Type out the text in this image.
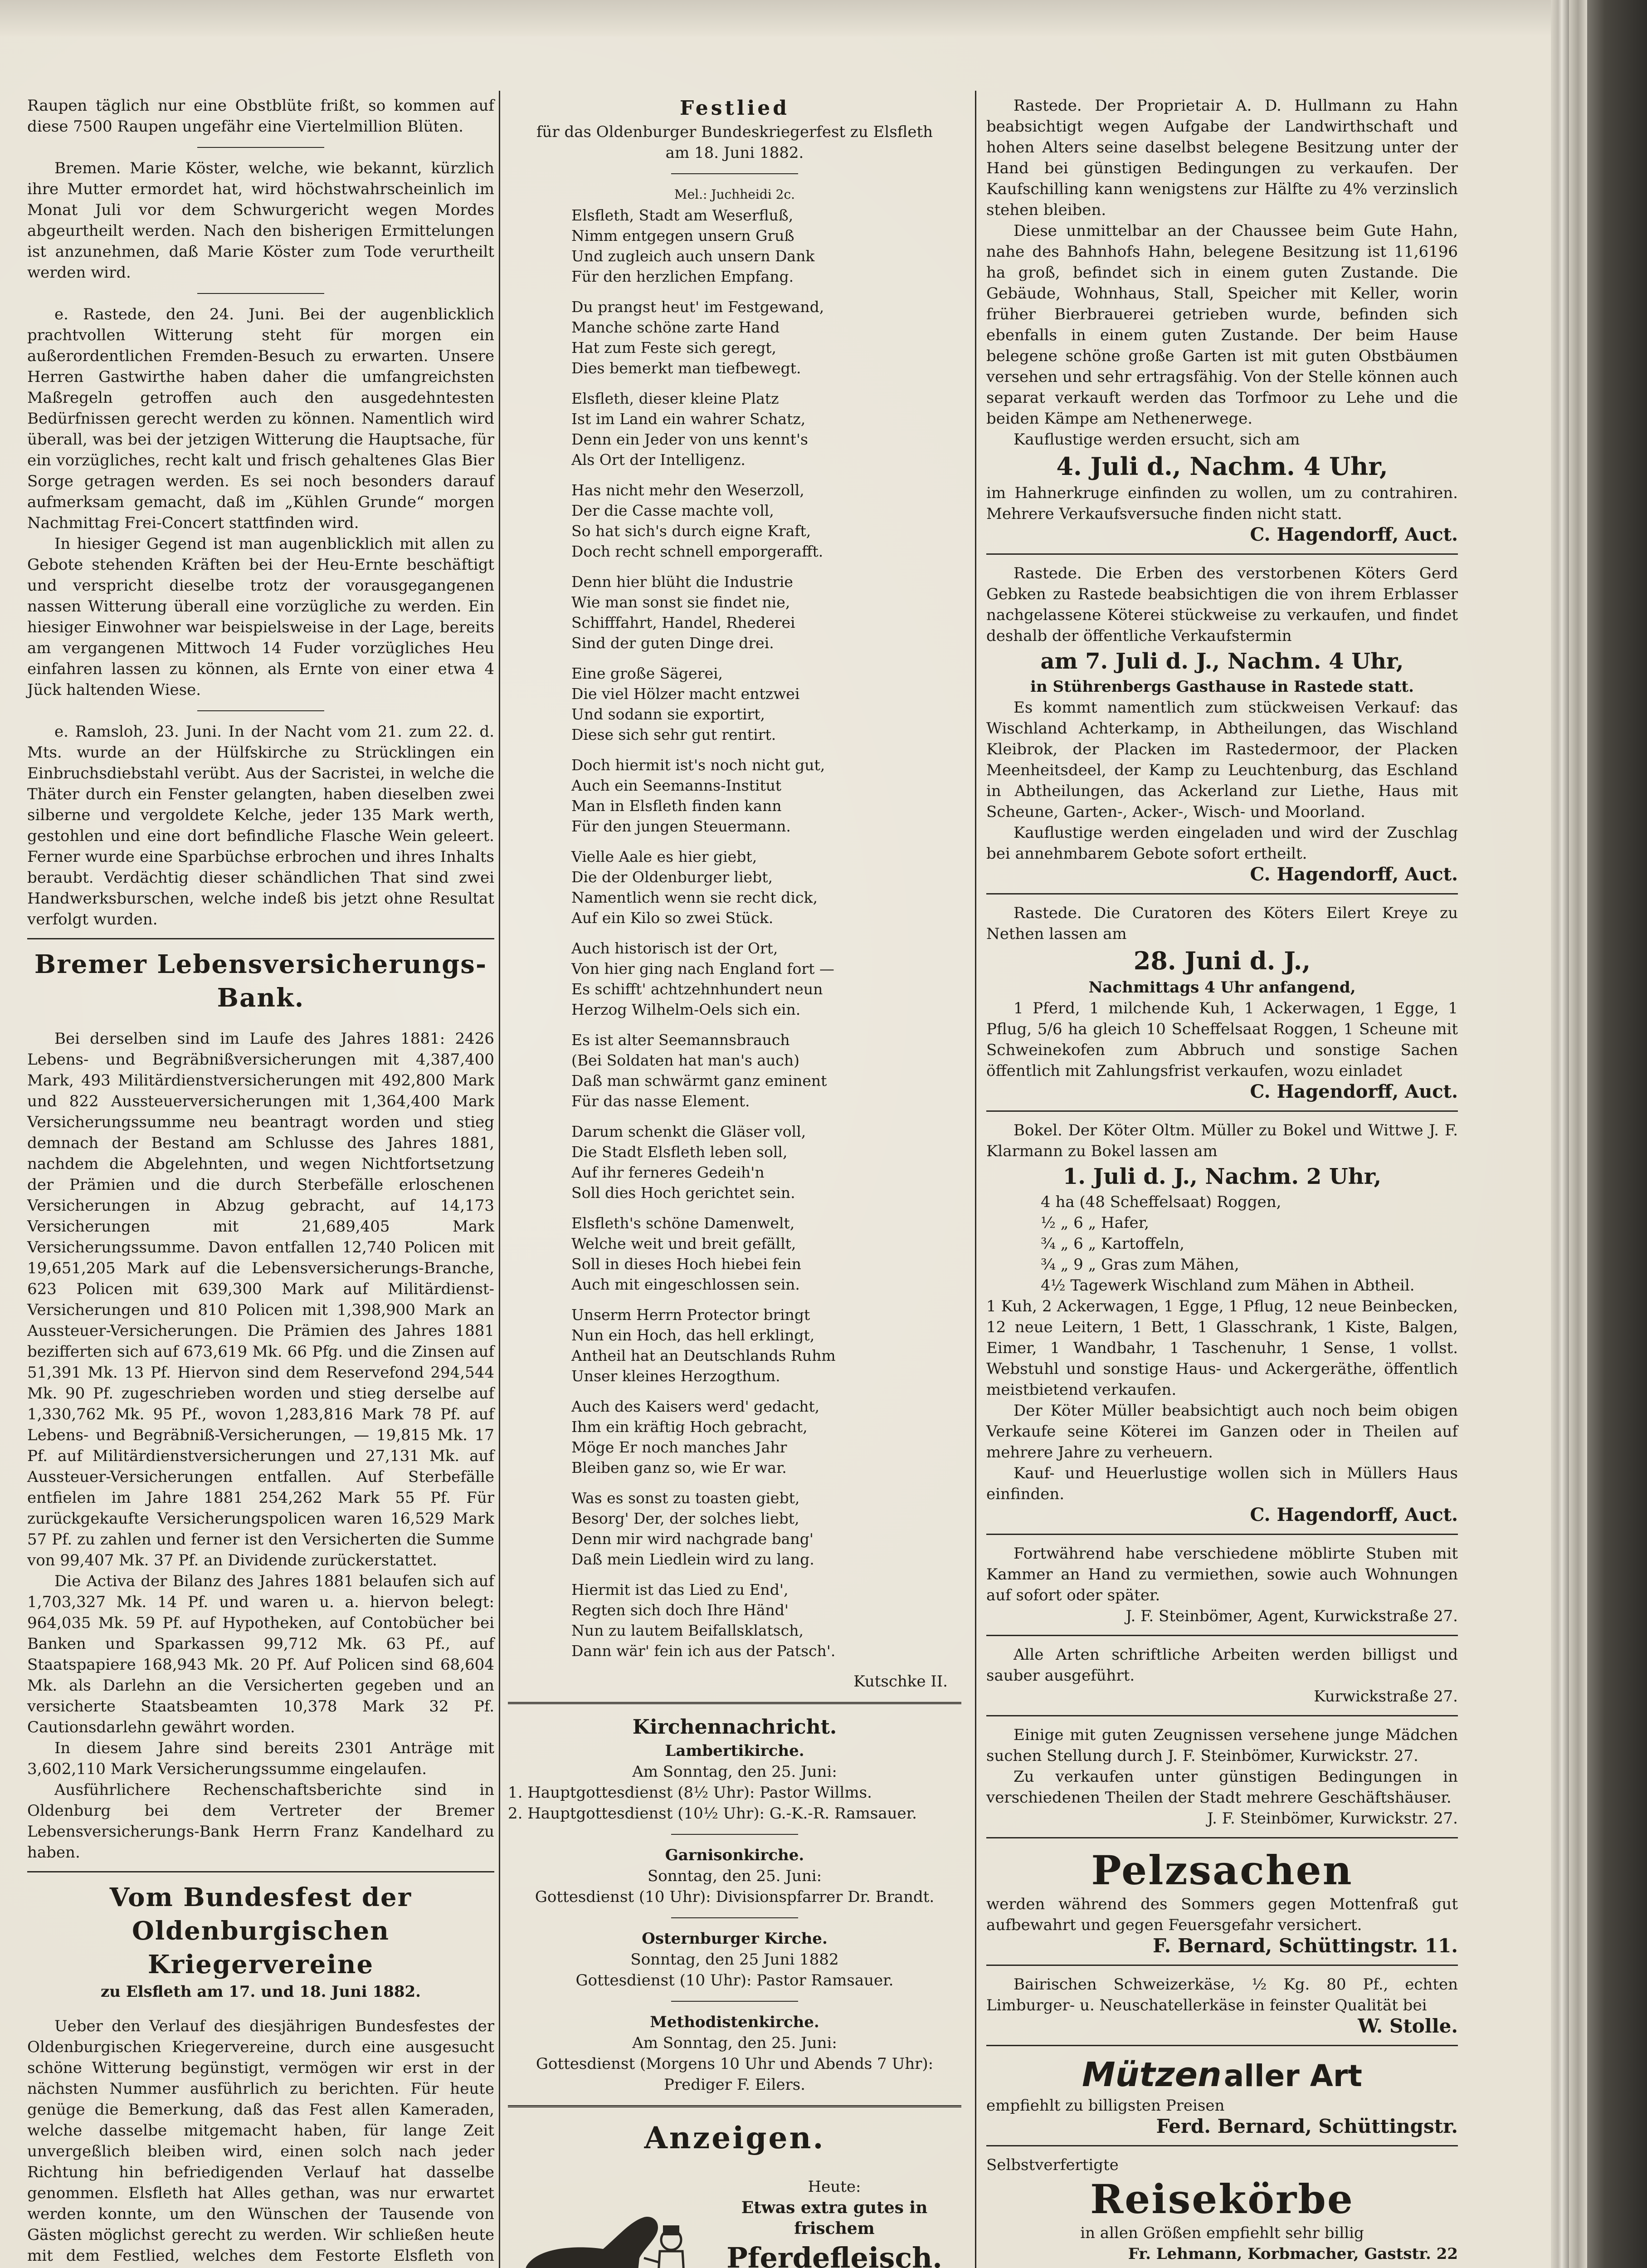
Raupen täglich nur eine Obstblüte frißt, so kommen auf diese 7500 Raupen ungefähr eine Viertelmillion Blüten.

Bremen. Marie Köster, welche, wie bekannt, kürzlich ihre Mutter ermordet hat, wird höchstwahrscheinlich im Monat Juli vor dem Schwurgericht wegen Mordes abgeurtheilt werden. Nach den bisherigen Ermittelungen ist anzunehmen, daß Marie Köster zum Tode verurtheilt werden wird.

e. Rastede, den 24. Juni. Bei der augenblicklich prachtvollen Witterung steht für morgen ein außerordentlichen Fremden-Besuch zu erwarten. Unsere Herren Gastwirthe haben daher die umfangreichsten Maßregeln getroffen auch den ausgedehntesten Bedürfnissen gerecht werden zu können. Namentlich wird überall, was bei der jetzigen Witterung die Hauptsache, für ein vorzügliches, recht kalt und frisch gehaltenes Glas Bier Sorge getragen werden. Es sei noch besonders darauf aufmerksam gemacht, daß im „Kühlen Grunde“ morgen Nachmittag Frei-Concert stattfinden wird.

In hiesiger Gegend ist man augenblicklich mit allen zu Gebote stehenden Kräften bei der Heu-Ernte beschäftigt und verspricht dieselbe trotz der vorausgegangenen nassen Witterung überall eine vorzügliche zu werden. Ein hiesiger Einwohner war beispielsweise in der Lage, bereits am vergangenen Mittwoch 14 Fuder vorzügliches Heu einfahren lassen zu können, als Ernte von einer etwa 4 Jück haltenden Wiese.

e. Ramsloh, 23. Juni. In der Nacht vom 21. zum 22. d. Mts. wurde an der Hülfskirche zu Strücklingen ein Einbruchsdiebstahl verübt. Aus der Sacristei, in welche die Thäter durch ein Fenster gelangten, haben dieselben zwei silberne und vergoldete Kelche, jeder 135 Mark werth, gestohlen und eine dort befindliche Flasche Wein geleert. Ferner wurde eine Sparbüchse erbrochen und ihres Inhalts beraubt. Verdächtig dieser schändlichen That sind zwei Handwerksburschen, welche indeß bis jetzt ohne Resultat verfolgt wurden.

Bremer Lebensversicherungs-Bank.

Bei derselben sind im Laufe des Jahres 1881: 2426 Lebens- und Begräbnißversicherungen mit 4,387,400 Mark, 493 Militärdienstversicherungen mit 492,800 Mark und 822 Aussteuerversicherungen mit 1,364,400 Mark Versicherungssumme neu beantragt worden und stieg demnach der Bestand am Schlusse des Jahres 1881, nachdem die Abgelehnten, und wegen Nichtfortsetzung der Prämien und die durch Sterbefälle erloschenen Versicherungen in Abzug gebracht, auf 14,173 Versicherungen mit 21,689,405 Mark Versicherungssumme. Davon entfallen 12,740 Policen mit 19,651,205 Mark auf die Lebensversicherungs-Branche, 623 Policen mit 639,300 Mark auf Militärdienst-Versicherungen und 810 Policen mit 1,398,900 Mark an Aussteuer-Versicherungen. Die Prämien des Jahres 1881 bezifferten sich auf 673,619 Mk. 66 Pfg. und die Zinsen auf 51,391 Mk. 13 Pf. Hiervon sind dem Reservefond 294,544 Mk. 90 Pf. zugeschrieben worden und stieg derselbe auf 1,330,762 Mk. 95 Pf., wovon 1,283,816 Mark 78 Pf. auf Lebens- und Begräbniß-Versicherungen, — 19,815 Mk. 17 Pf. auf Militärdienstversicherungen und 27,131 Mk. auf Aussteuer-Versicherungen entfallen. Auf Sterbefälle entfielen im Jahre 1881 254,262 Mark 55 Pf. Für zurückgekaufte Versicherungspolicen waren 16,529 Mark 57 Pf. zu zahlen und ferner ist den Versicherten die Summe von 99,407 Mk. 37 Pf. an Dividende zurückerstattet.

Die Activa der Bilanz des Jahres 1881 belaufen sich auf 1,703,327 Mk. 14 Pf. und waren u. a. hiervon belegt: 964,035 Mk. 59 Pf. auf Hypotheken, auf Contobücher bei Banken und Sparkassen 99,712 Mk. 63 Pf., auf Staatspapiere 168,943 Mk. 20 Pf. Auf Policen sind 68,604 Mk. als Darlehn an die Versicherten gegeben und an versicherte Staatsbeamten 10,378 Mark 32 Pf. Cautionsdarlehn gewährt worden.

In diesem Jahre sind bereits 2301 Anträge mit 3,602,110 Mark Versicherungssumme eingelaufen.

Ausführlichere Rechenschaftsberichte sind in Oldenburg bei dem Vertreter der Bremer Lebensversicherungs-Bank Herrn Franz Kandelhard zu haben.

Vom Bundesfest der Oldenburgischen Kriegervereine

zu Elsfleth am 17. und 18. Juni 1882.

Ueber den Verlauf des diesjährigen Bundesfestes der Oldenburgischen Kriegervereine, durch eine ausgesucht schöne Witterung begünstigt, vermögen wir erst in der nächsten Nummer ausführlich zu berichten. Für heute genüge die Bemerkung, daß das Fest allen Kameraden, welche dasselbe mitgemacht haben, für lange Zeit unvergeßlich bleiben wird, einen solch nach jeder Richtung hin befriedigenden Verlauf hat dasselbe genommen. Elsfleth hat Alles gethan, was nur erwartet werden konnte, um den Wünschen der Tausende von Gästen möglichst gerecht zu werden. Wir schließen heute mit dem Festlied, welches dem Festorte Elsfleth von

Festlied

für das Oldenburger Bundeskriegerfest zu Elsfleth

am 18. Juni 1882.

Mel.: Juchheidi 2c.

Elsfleth, Stadt am Weserfluß,

Nimm entgegen unsern Gruß

Und zugleich auch unsern Dank

Für den herzlichen Empfang.

Du prangst heut' im Festgewand,

Manche schöne zarte Hand

Hat zum Feste sich geregt,

Dies bemerkt man tiefbewegt.

Elsfleth, dieser kleine Platz

Ist im Land ein wahrer Schatz,

Denn ein Jeder von uns kennt's

Als Ort der Intelligenz.

Has nicht mehr den Weserzoll,

Der die Casse machte voll,

So hat sich's durch eigne Kraft,

Doch recht schnell emporgerafft.

Denn hier blüht die Industrie

Wie man sonst sie findet nie,

Schifffahrt, Handel, Rhederei

Sind der guten Dinge drei.

Eine große Sägerei,

Die viel Hölzer macht entzwei

Und sodann sie exportirt,

Diese sich sehr gut rentirt.

Doch hiermit ist's noch nicht gut,

Auch ein Seemanns-Institut

Man in Elsfleth finden kann

Für den jungen Steuermann.

Vielle Aale es hier giebt,

Die der Oldenburger liebt,

Namentlich wenn sie recht dick,

Auf ein Kilo so zwei Stück.

Auch historisch ist der Ort,

Von hier ging nach England fort —

Es schifft' achtzehnhundert neun

Herzog Wilhelm-Oels sich ein.

Es ist alter Seemannsbrauch

(Bei Soldaten hat man's auch)

Daß man schwärmt ganz eminent

Für das nasse Element.

Darum schenkt die Gläser voll,

Die Stadt Elsfleth leben soll,

Auf ihr ferneres Gedeih'n

Soll dies Hoch gerichtet sein.

Elsfleth's schöne Damenwelt,

Welche weit und breit gefällt,

Soll in dieses Hoch hiebei fein

Auch mit eingeschlossen sein.

Unserm Herrn Protector bringt

Nun ein Hoch, das hell erklingt,

Antheil hat an Deutschlands Ruhm

Unser kleines Herzogthum.

Auch des Kaisers werd' gedacht,

Ihm ein kräftig Hoch gebracht,

Möge Er noch manches Jahr

Bleiben ganz so, wie Er war.

Was es sonst zu toasten giebt,

Besorg' Der, der solches liebt,

Denn mir wird nachgrade bang'

Daß mein Liedlein wird zu lang.

Hiermit ist das Lied zu End',

Regten sich doch Ihre Händ'

Nun zu lautem Beifallsklatsch,

Dann wär' fein ich aus der Patsch'.

Kutschke II.

Kirchennachricht.

Lambertikirche.

Am Sonntag, den 25. Juni:

1. Hauptgottesdienst (8½ Uhr): Pastor Willms.

2. Hauptgottesdienst (10½ Uhr): G.-K.-R. Ramsauer.

Garnisonkirche.

Sonntag, den 25. Juni:

Gottesdienst (10 Uhr): Divisionspfarrer Dr. Brandt.

Osternburger Kirche.

Sonntag, den 25 Juni 1882

Gottesdienst (10 Uhr): Pastor Ramsauer.

Methodistenkirche.

Am Sonntag, den 25. Juni:

Gottesdienst (Morgens 10 Uhr und Abends 7 Uhr):

Prediger F. Eilers.

Anzeigen.

Heute:

Etwas extra gutes in frischem

Pferdefleisch.

Rastede. Der Proprietair A. D. Hullmann zu Hahn beabsichtigt wegen Aufgabe der Landwirthschaft und hohen Alters seine daselbst belegene Besitzung unter der Hand bei günstigen Bedingungen zu verkaufen. Der Kaufschilling kann wenigstens zur Hälfte zu 4% verzinslich stehen bleiben.

Diese unmittelbar an der Chaussee beim Gute Hahn, nahe des Bahnhofs Hahn, belegene Besitzung ist 11,6196 ha groß, befindet sich in einem guten Zustande. Die Gebäude, Wohnhaus, Stall, Speicher mit Keller, worin früher Bierbrauerei getrieben wurde, befinden sich ebenfalls in einem guten Zustande. Der beim Hause belegene schöne große Garten ist mit guten Obstbäumen versehen und sehr ertragsfähig. Von der Stelle können auch separat verkauft werden das Torfmoor zu Lehe und die beiden Kämpe am Nethenerwege.

Kauflustige werden ersucht, sich am

4. Juli d., Nachm. 4 Uhr,

im Hahnerkruge einfinden zu wollen, um zu contrahiren. Mehrere Verkaufsversuche finden nicht statt.

C. Hagendorff, Auct.

Rastede. Die Erben des verstorbenen Köters Gerd Gebken zu Rastede beabsichtigen die von ihrem Erblasser nachgelassene Köterei stückweise zu verkaufen, und findet deshalb der öffentliche Verkaufstermin

am 7. Juli d. J., Nachm. 4 Uhr,

in Stührenbergs Gasthause in Rastede statt.

Es kommt namentlich zum stückweisen Verkauf: das Wischland Achterkamp, in Abtheilungen, das Wischland Kleibrok, der Placken im Rastedermoor, der Placken Meenheitsdeel, der Kamp zu Leuchtenburg, das Eschland in Abtheilungen, das Ackerland zur Liethe, Haus mit Scheune, Garten-, Acker-, Wisch- und Moorland.

Kauflustige werden eingeladen und wird der Zuschlag bei annehmbarem Gebote sofort ertheilt.

C. Hagendorff, Auct.

Rastede. Die Curatoren des Köters Eilert Kreye zu Nethen lassen am

28. Juni d. J.,

Nachmittags 4 Uhr anfangend,

1 Pferd, 1 milchende Kuh, 1 Ackerwagen, 1 Egge, 1 Pflug, 5/6 ha gleich 10 Scheffelsaat Roggen, 1 Scheune mit Schweinekofen zum Abbruch und sonstige Sachen öffentlich mit Zahlungsfrist verkaufen, wozu einladet

C. Hagendorff, Auct.

Bokel. Der Köter Oltm. Müller zu Bokel und Wittwe J. F. Klarmann zu Bokel lassen am

1. Juli d. J., Nachm. 2 Uhr,

4 ha (48 Scheffelsaat) Roggen,

½ „ 6 „ Hafer,

¾ „ 6 „ Kartoffeln,

¾ „ 9 „ Gras zum Mähen,

4½ Tagewerk Wischland zum Mähen in Abtheil.

1 Kuh, 2 Ackerwagen, 1 Egge, 1 Pflug, 12 neue Beinbecken, 12 neue Leitern, 1 Bett, 1 Glasschrank, 1 Kiste, Balgen, Eimer, 1 Wandbahr, 1 Taschenuhr, 1 Sense, 1 vollst. Webstuhl und sonstige Haus- und Ackergeräthe, öffentlich meistbietend verkaufen.

Der Köter Müller beabsichtigt auch noch beim obigen Verkaufe seine Köterei im Ganzen oder in Theilen auf mehrere Jahre zu verheuern.

Kauf- und Heuerlustige wollen sich in Müllers Haus einfinden.

C. Hagendorff, Auct.

Fortwährend habe verschiedene möblirte Stuben mit Kammer an Hand zu vermiethen, sowie auch Wohnungen auf sofort oder später.

J. F. Steinbömer, Agent, Kurwickstraße 27.

Alle Arten schriftliche Arbeiten werden billigst und sauber ausgeführt.

Kurwickstraße 27.

Einige mit guten Zeugnissen versehene junge Mädchen suchen Stellung durch J. F. Steinbömer, Kurwickstr. 27.

Zu verkaufen unter günstigen Bedingungen in verschiedenen Theilen der Stadt mehrere Geschäftshäuser.

J. F. Steinbömer, Kurwickstr. 27.

Pelzsachen

werden während des Sommers gegen Mottenfraß gut aufbewahrt und gegen Feuersgefahr versichert.

F. Bernard, Schüttingstr. 11.

Bairischen Schweizerkäse, ½ Kg. 80 Pf., echten Limburger- u. Neuschatellerkäse in feinster Qualität bei

W. Stolle.

Mützen aller Art

empfiehlt zu billigsten Preisen

Ferd. Bernard, Schüttingstr.

Selbstverfertigte

Reisekörbe

in allen Größen empfiehlt sehr billig

Fr. Lehmann, Korbmacher, Gaststr. 22
